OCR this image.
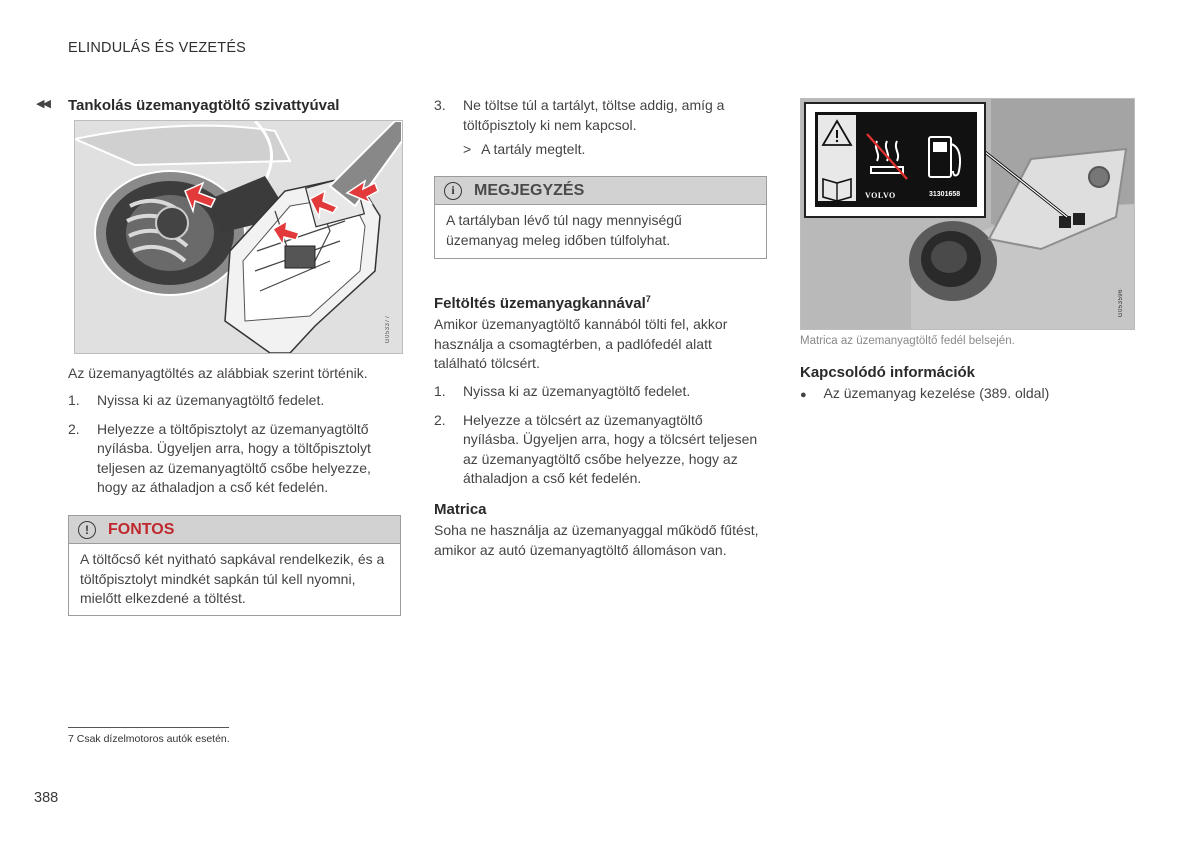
ELINDULÁS ÉS VEZETÉS
◀◀ Tankolás üzemanyagtöltő szivattyúval
G053377
Az üzemanyagtöltés az alábbiak szerint történik.
1. Nyissa ki az üzemanyagtöltő fedelet.
2. Helyezze a töltőpisztolyt az üzemanyagtöltő nyílásba. Ügyeljen arra, hogy a töltőpisztolyt teljesen az üzemanyagtöltő csőbe helyezze, hogy az áthaladjon a cső két fedelén.
!	FONTOS
A töltőcső két nyitható sapkával rendelkezik, és a töltőpisztolyt mindkét sapkán túl kell nyomni, mielőtt elkezdené a töltést.
3. Ne töltse túl a tartályt, töltse addig, amíg a töltőpisztoly ki nem kapcsol.
> A tartály megtelt.
i	MEGJEGYZÉS
A tartályban lévő túl nagy mennyiségű üzemanyag meleg időben túlfolyhat.
Feltöltés üzemanyagkannával$^7$
Amikor üzemanyagtöltő kannából tölti fel, akkor használja a csomagtérben, a padlófedél alatt található tölcsért.
1. Nyissa ki az üzemanyagtöltő fedelet.
2. Helyezze a tölcsért az üzemanyagtöltő nyílásba. Ügyeljen arra, hogy a tölcsért teljesen az üzemanyagtöltő csőbe helyezze, hogy az áthaladjon a cső két fedelén.
Matrica
Soha ne használja az üzemanyaggal működő fűtést, amikor az autó üzemanyagtöltő állomáson van.
VOLVO	31301658
G053596
Matrica az üzemanyagtöltő fedél belsején.
Kapcsolódó információk
● Az üzemanyag kezelése (389. oldal)
7 Csak dízelmotoros autók esetén.
388
